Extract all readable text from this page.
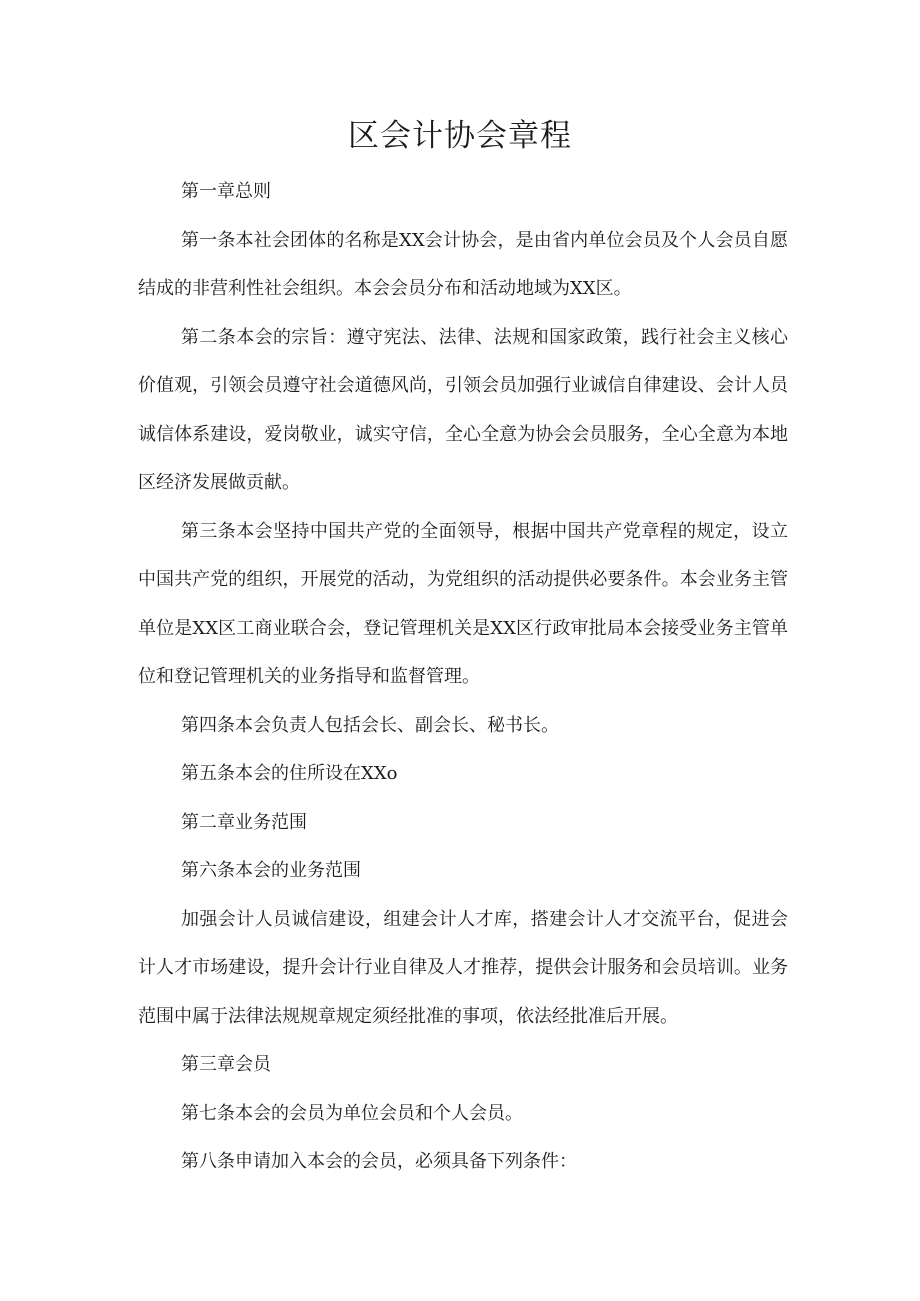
区会计协会章程

第一章总则

第一条本社会团体的名称是XX会计协会，是由省内单位会员及个人会员自愿结成的非营利性社会组织。本会会员分布和活动地域为XX区。

第二条本会的宗旨：遵守宪法、法律、法规和国家政策，践行社会主义核心价值观，引领会员遵守社会道德风尚，引领会员加强行业诚信自律建设、会计人员诚信体系建设，爱岗敬业，诚实守信，全心全意为协会会员服务，全心全意为本地区经济发展做贡献。

第三条本会坚持中国共产党的全面领导，根据中国共产党章程的规定，设立中国共产党的组织，开展党的活动，为党组织的活动提供必要条件。本会业务主管单位是XX区工商业联合会，登记管理机关是XX区行政审批局本会接受业务主管单位和登记管理机关的业务指导和监督管理。

第四条本会负责人包括会长、副会长、秘书长。

第五条本会的住所设在XXo

第二章业务范围

第六条本会的业务范围

加强会计人员诚信建设，组建会计人才库，搭建会计人才交流平台，促进会计人才市场建设，提升会计行业自律及人才推荐，提供会计服务和会员培训。业务范围中属于法律法规规章规定须经批准的事项，依法经批准后开展。

第三章会员

第七条本会的会员为单位会员和个人会员。

第八条申请加入本会的会员，必须具备下列条件：
